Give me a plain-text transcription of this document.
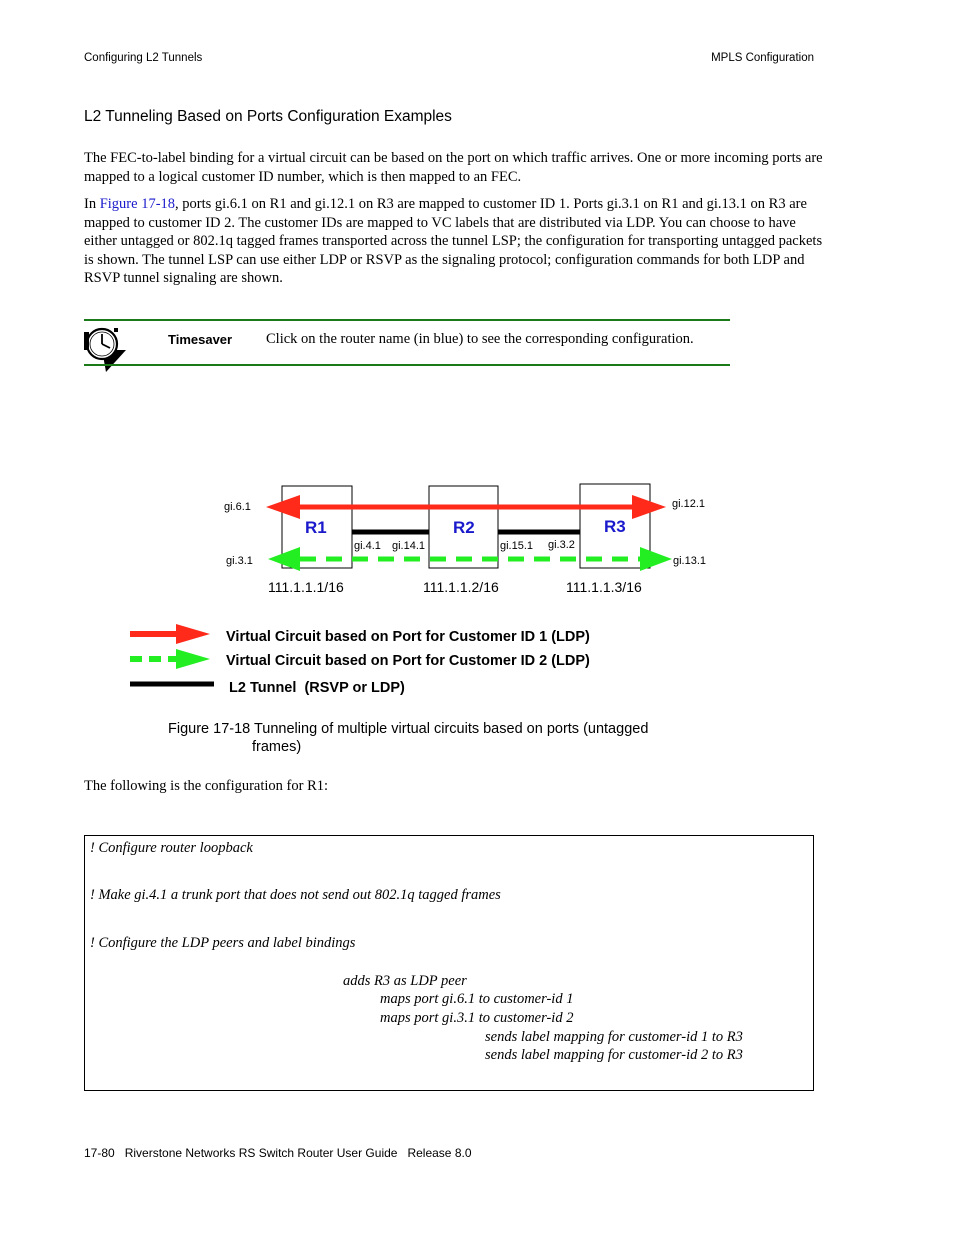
Configuring L2 Tunnels	MPLS Configuration
L2 Tunneling Based on Ports Configuration Examples
The FEC-to-label binding for a virtual circuit can be based on the port on which traffic arrives. One or more incoming ports are mapped to a logical customer ID number, which is then mapped to an FEC.
In Figure 17-18, ports gi.6.1 on R1 and gi.12.1 on R3 are mapped to customer ID 1. Ports gi.3.1 on R1 and gi.13.1 on R3 are mapped to customer ID 2. The customer IDs are mapped to VC labels that are distributed via LDP. You can choose to have either untagged or 802.1q tagged frames transported across the tunnel LSP; the configuration for transporting untagged packets is shown. The tunnel LSP can use either LDP or RSVP as the signaling protocol; configuration commands for both LDP and RSVP tunnel signaling are shown.
Timesaver Click on the router name (in blue) to see the corresponding configuration.
R1	R2	R3
gi.6.1
gi.3.1
gi.12.1
gi.13.1
gi.4.1 gi.14.1	gi.15.1 gi.3.2
111.1.1.1/16	111.1.1.2/16	111.1.1.3/16
Virtual Circuit based on Port for Customer ID 1 (LDP)
Virtual Circuit based on Port for Customer ID 2 (LDP)
L2 Tunnel  (RSVP or LDP)
Figure 17-18 Tunneling of multiple virtual circuits based on ports (untagged
frames)
The following is the configuration for R1:
! Configure router loopback
! Make gi.4.1 a trunk port that does not send out 802.1q tagged frames
! Configure the LDP peers and label bindings
adds R3 as LDP peer
maps port gi.6.1 to customer-id 1
maps port gi.3.1 to customer-id 2
sends label mapping for customer-id 1 to R3
sends label mapping for customer-id 2 to R3
17-80   Riverstone Networks RS Switch Router User Guide   Release 8.0
